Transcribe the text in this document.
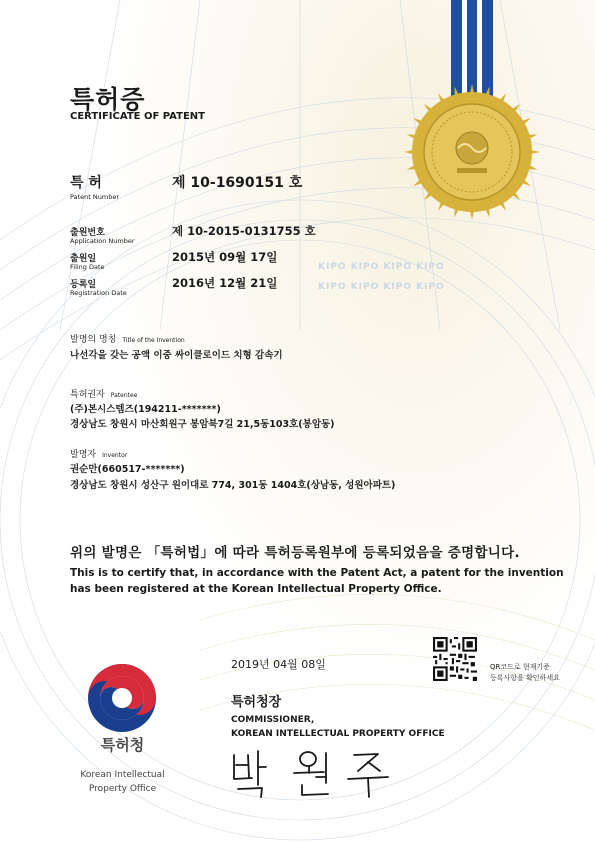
특허증
CERTIFICATE OF PATENT
특 허
Patent Number
제 10-1690151 호
출원번호
Application Number
제 10-2015-0131755 호
출원일
Filing Date
2015년 09월 17일
등록일
Registration Date
2016년 12월 21일
KIPO KIPO KIPO KIPO
KIPO KIPO KIPO KIPO
발명의 명칭 Title of the Invention
나선각을 갖는 공액 이중 싸이클로이드 치형 감속기
특허권자 Patentee
(주)본시스템즈(194211-*******)
경상남도 창원시 마산회원구 봉암북7길 21,5동103호(봉암동)
발명자 Inventor
권순만(660517-*******)
경상남도 창원시 성산구 원이대로 774, 301동 1404호(상남동, 성원아파트)
위의 발명은 「특허법」에 따라 특허등록원부에 등록되었음을 증명합니다.
This is to certify that, in accordance with the Patent Act, a patent for the invention
has been registered at the Korean Intellectual Property Office.
2019년 04월 08일	QR코드로 현재기준
등록사항을 확인하세요
특허청장
COMMISSIONER,
KOREAN INTELLECTUAL PROPERTY OFFICE
특허청
Korean Intellectual
Property Office
